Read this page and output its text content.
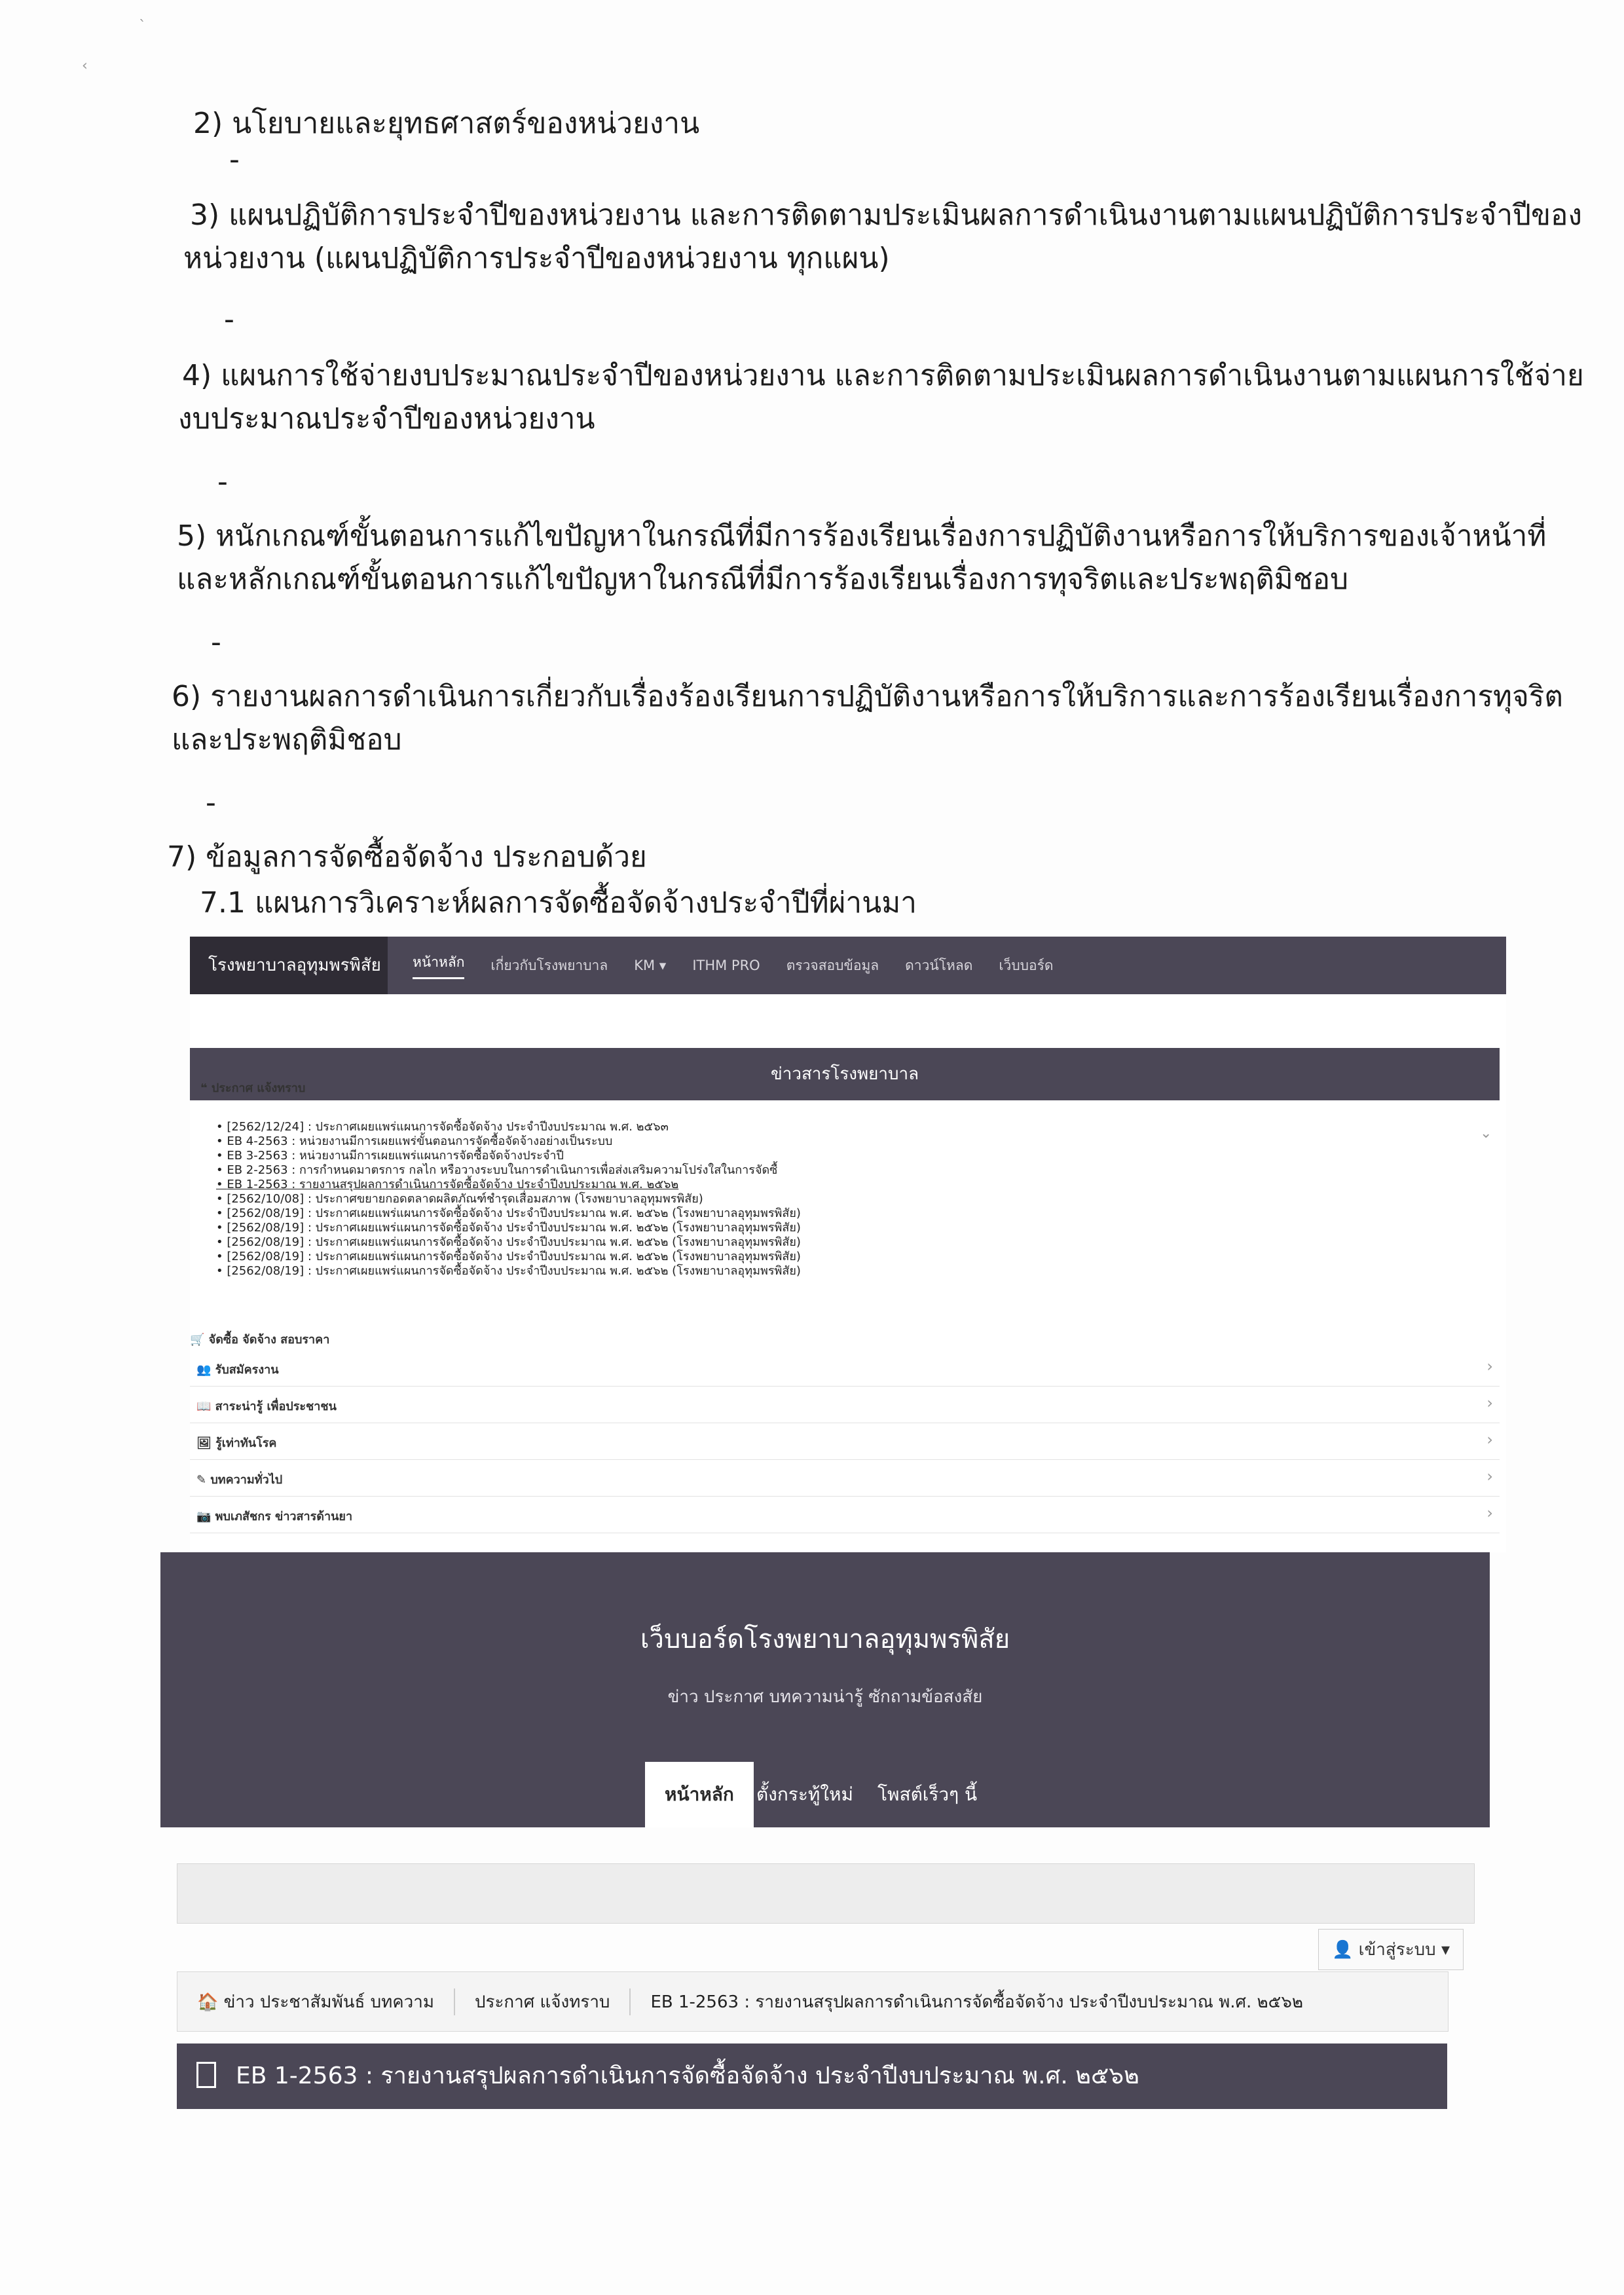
`
‹
2) นโยบายและยุทธศาสตร์ของหน่วยงาน
-
3) แผนปฏิบัติการประจำปีของหน่วยงาน และการติดตามประเมินผลการดำเนินงานตามแผนปฏิบัติการประจำปีของ
หน่วยงาน (แผนปฏิบัติการประจำปีของหน่วยงาน ทุกแผน)
-
4) แผนการใช้จ่ายงบประมาณประจำปีของหน่วยงาน และการติดตามประเมินผลการดำเนินงานตามแผนการใช้จ่าย
งบประมาณประจำปีของหน่วยงาน
-
5) หนักเกณฑ์ขั้นตอนการแก้ไขปัญหาในกรณีที่มีการร้องเรียนเรื่องการปฏิบัติงานหรือการให้บริการของเจ้าหน้าที่
และหลักเกณฑ์ขั้นตอนการแก้ไขปัญหาในกรณีที่มีการร้องเรียนเรื่องการทุจริตและประพฤติมิชอบ
-
6) รายงานผลการดำเนินการเกี่ยวกับเรื่องร้องเรียนการปฏิบัติงานหรือการให้บริการและการร้องเรียนเรื่องการทุจริต
และประพฤติมิชอบ
-
7) ข้อมูลการจัดซื้อจัดจ้าง ประกอบด้วย
7.1 แผนการวิเคราะห์ผลการจัดซื้อจัดจ้างประจำปีที่ผ่านมา
โรงพยาบาลอุทุมพรพิสัย	หน้าหลัก เกี่ยวกับโรงพยาบาล KM ▾ ITHM PRO ตรวจสอบข้อมูล ดาวน์โหลด เว็บบอร์ด
ข่าวสารโรงพยาบาล
❝ ประกาศ แจ้งทราบ
⌄
• [2562/12/24] : ประกาศเผยแพร่แผนการจัดซื้อจัดจ้าง ประจำปีงบประมาณ พ.ศ. ๒๕๖๓
• EB 4-2563 : หน่วยงานมีการเผยแพร่ขั้นตอนการจัดซื้อจัดจ้างอย่างเป็นระบบ
• EB 3-2563 : หน่วยงานมีการเผยแพร่แผนการจัดซื้อจัดจ้างประจำปี
• EB 2-2563 : การกำหนดมาตรการ กลไก หรือวางระบบในการดำเนินการเพื่อส่งเสริมความโปร่งใสในการจัดซื้
• EB 1-2563 : รายงานสรุปผลการดำเนินการจัดซื้อจัดจ้าง ประจำปีงบประมาณ พ.ศ. ๒๕๖๒
• [2562/10/08] : ประกาศขยายกอดตลาดผลิตภัณฑ์ชำรุดเสื่อมสภาพ (โรงพยาบาลอุทุมพรพิสัย)
• [2562/08/19] : ประกาศเผยแพร่แผนการจัดซื้อจัดจ้าง ประจำปีงบประมาณ พ.ศ. ๒๕๖๒ (โรงพยาบาลอุทุมพรพิสัย)
• [2562/08/19] : ประกาศเผยแพร่แผนการจัดซื้อจัดจ้าง ประจำปีงบประมาณ พ.ศ. ๒๕๖๒ (โรงพยาบาลอุทุมพรพิสัย)
• [2562/08/19] : ประกาศเผยแพร่แผนการจัดซื้อจัดจ้าง ประจำปีงบประมาณ พ.ศ. ๒๕๖๒ (โรงพยาบาลอุทุมพรพิสัย)
• [2562/08/19] : ประกาศเผยแพร่แผนการจัดซื้อจัดจ้าง ประจำปีงบประมาณ พ.ศ. ๒๕๖๒ (โรงพยาบาลอุทุมพรพิสัย)
• [2562/08/19] : ประกาศเผยแพร่แผนการจัดซื้อจัดจ้าง ประจำปีงบประมาณ พ.ศ. ๒๕๖๒ (โรงพยาบาลอุทุมพรพิสัย)
🛒 จัดซื้อ จัดจ้าง สอบราคา
👥 รับสมัครงาน	›
📖 สาระน่ารู้ เพื่อประชาชน	›
🖼 รู้เท่าทันโรค	›
✎ บทความทั่วไป	›
📷 พบเภสัชกร ข่าวสารด้านยา	›
เว็บบอร์ดโรงพยาบาลอุทุมพรพิสัย
ข่าว ประกาศ บทความน่ารู้ ซักถามข้อสงสัย
หน้าหลัก	ตั้งกระทู้ใหม่ โพสต์เร็วๆ นี้
👤 เข้าสู่ระบบ ▾
🏠 ข่าว ประชาสัมพันธ์ บทความ	ประกาศ แจ้งทราบ	EB 1-2563 : รายงานสรุปผลการดำเนินการจัดซื้อจัดจ้าง ประจำปีงบประมาณ พ.ศ. ๒๕๖๒
EB 1-2563 : รายงานสรุปผลการดำเนินการจัดซื้อจัดจ้าง ประจำปีงบประมาณ พ.ศ. ๒๕๖๒
